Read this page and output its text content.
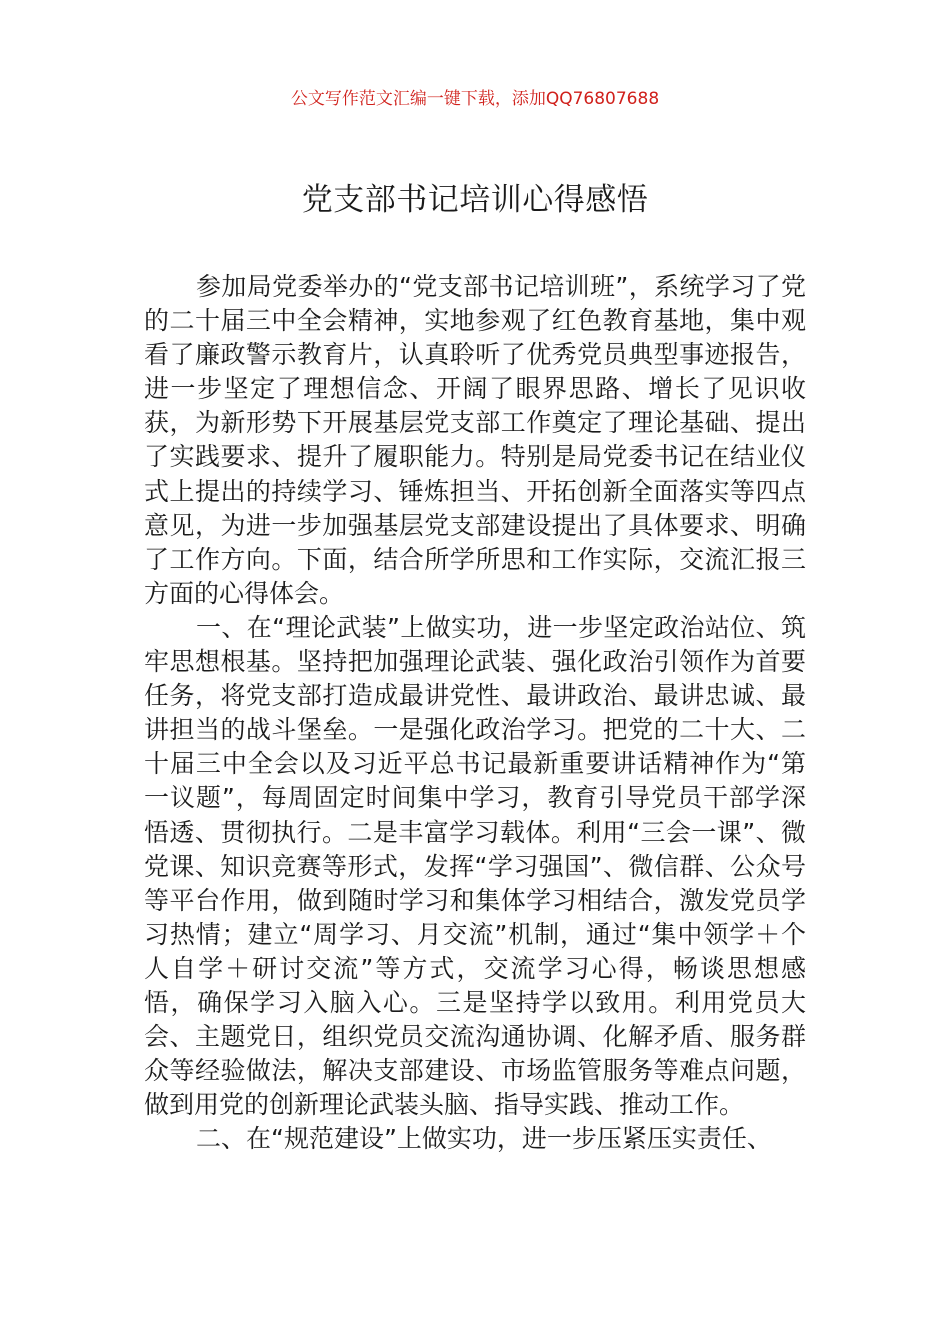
公文写作范文汇编一键下载，添加QQ76807688
党支部书记培训心得感悟

参加局党委举办的“党支部书记培训班”，系统学习了党的二十届三中全会精神，实地参观了红色教育基地，集中观看了廉政警示教育片，认真聆听了优秀党员典型事迹报告，进一步坚定了理想信念、开阔了眼界思路、增长了见识收获，为新形势下开展基层党支部工作奠定了理论基础、提出了实践要求、提升了履职能力。特别是局党委书记在结业仪式上提出的持续学习、锤炼担当、开拓创新全面落实等四点意见，为进一步加强基层党支部建设提出了具体要求、明确了工作方向。下面，结合所学所思和工作实际，交流汇报三方面的心得体会。

一、在“理论武装”上做实功，进一步坚定政治站位、筑牢思想根基。坚持把加强理论武装、强化政治引领作为首要任务，将党支部打造成最讲党性、最讲政治、最讲忠诚、最讲担当的战斗堡垒。一是强化政治学习。把党的二十大、二十届三中全会以及习近平总书记最新重要讲话精神作为“第一议题”，每周固定时间集中学习，教育引导党员干部学深悟透、贯彻执行。二是丰富学习载体。利用“三会一课”、微党课、知识竞赛等形式，发挥“学习强国”、微信群、公众号等平台作用，做到随时学习和集体学习相结合，激发党员学习热情；建立“周学习、月交流”机制，通过“集中领学＋个人自学＋研讨交流”等方式，交流学习心得，畅谈思想感悟，确保学习入脑入心。三是坚持学以致用。利用党员大会、主题党日，组织党员交流沟通协调、化解矛盾、服务群众等经验做法，解决支部建设、市场监管服务等难点问题，做到用党的创新理论武装头脑、指导实践、推动工作。

二、在“规范建设”上做实功，进一步压紧压实责任、
